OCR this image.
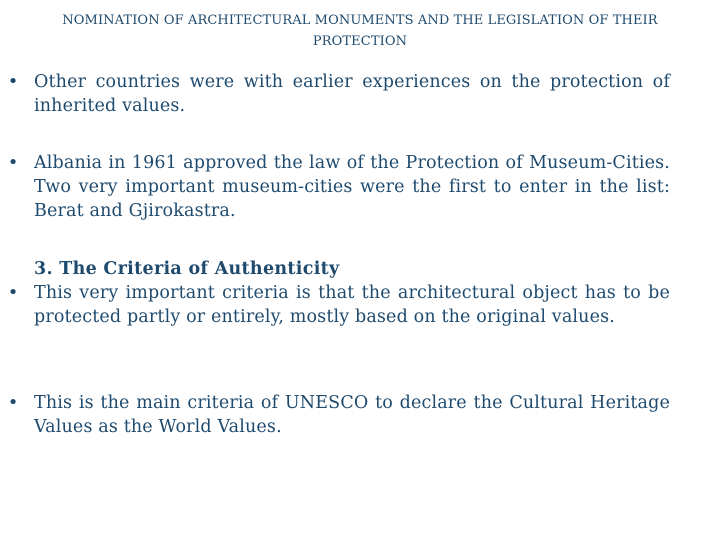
NOMINATION OF ARCHITECTURAL MONUMENTS AND THE LEGISLATION OF THEIR PROTECTION
• Other countries were with earlier experiences on the protection of inherited values.
• Albania in 1961 approved the law of the Protection of Museum-Cities. Two very important museum-cities were the first to enter in the list: Berat and Gjirokastra.
3. The Criteria of Authenticity
• This very important criteria is that the architectural object has to be protected partly or entirely, mostly based on the original values.
• This is the main criteria of UNESCO to declare the Cultural Heritage Values as the World Values.
